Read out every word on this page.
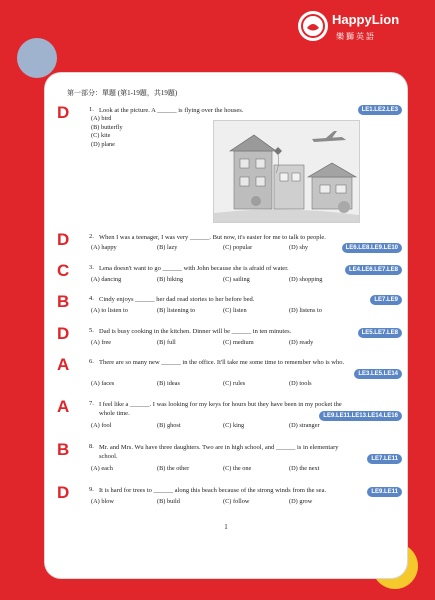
HappyLion
樂獅英語
第一部分：單題 (第1-19題，共19題)
D	1. Look at the picture. A ______ is flying over the houses.
(A) bird
(B) butterfly
(C) kite
(D) plane
LE1.LE2.LE3
D	2. When I was a teenager, I was very ______. But now, it's easier for me to talk to people.
(A) happy	(B) lazy	(C) popular	(D) shy	LE6.LE8.LE9.LE10
C	3. Lena doesn't want to go ______ with John because she is afraid of water.
(A) dancing	(B) hiking	(C) sailing	(D) shopping
LE4.LE6.LE7.LE8
B	4. Cindy enjoys ______ her dad read stories to her before bed.
(A) to listen to	(B) listening to	(C) listen	(D) listens to
LE7.LE9
D	5. Dad is busy cooking in the kitchen. Dinner will be ______ in ten minutes.
(A) free	(B) full	(C) medium	(D) ready
LE5.LE7.LE8
A	6. There are so many new ______ in the office. It'll take me some time to remember who is who.
(A) faces	(B) ideas	(C) rules	(D) tools
LE3.LE5.LE14
A	7. I feel like a ______. I was looking for my keys for hours but they have been in my pocket the whole time.
(A) fool	(B) ghost	(C) king	(D) stranger
LE9.LE11.LE13.LE14.LE16
B	8. Mr. and Mrs. Wu have three daughters. Two are in high school, and ______ is in elementary school.
(A) each	(B) the other	(C) the one	(D) the next
LE7.LE11
D	9. It is hard for trees to ______ along this beach because of the strong winds from the sea.
(A) blow	(B) build	(C) follow	(D) grow
LE9.LE11
1
